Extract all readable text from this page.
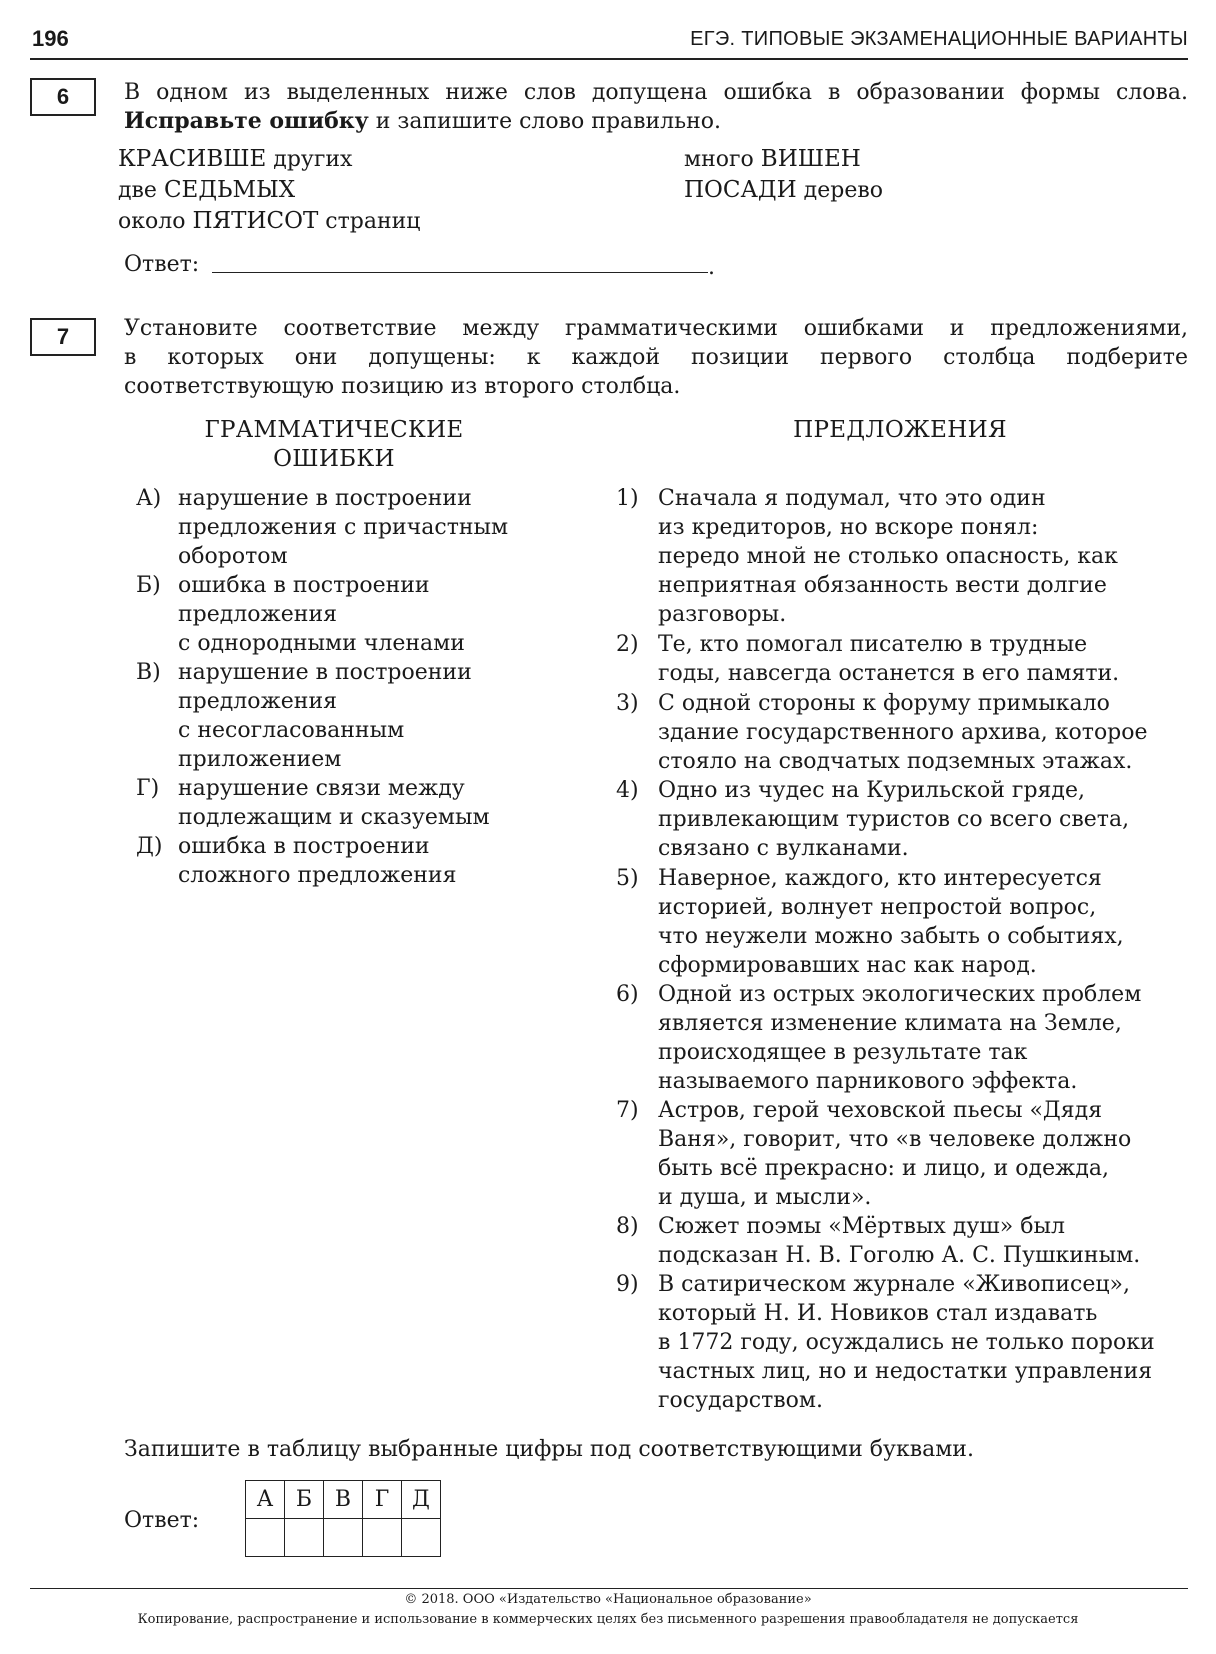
196	ЕГЭ. ТИПОВЫЕ ЭКЗАМЕНАЦИОННЫЕ ВАРИАНТЫ
6	В одном из выделенных ниже слов допущена ошибка в образовании формы слова.
Исправьте ошибку и запишите слово правильно.
КРАСИВШЕ других
две СЕДЬМЫХ
около ПЯТИСОТ страниц
много ВИШЕН
ПОСАДИ дерево
Ответ:	.
7	Установите соответствие между грамматическими ошибками и предложениями,
в которых они допущены: к каждой позиции первого столбца подберите
соответствующую позицию из второго столбца.
ГРАММАТИЧЕСКИЕ
ОШИБКИ
ПРЕДЛОЖЕНИЯ
А) нарушение в построении
предложения с причастным
оборотом
Б) ошибка в построении
предложения
с однородными членами
В) нарушение в построении
предложения
с несогласованным
приложением
Г) нарушение связи между
подлежащим и сказуемым
Д) ошибка в построении
сложного предложения
1) Сначала я подумал, что это один
из кредиторов, но вскоре понял:
передо мной не столько опасность, как
неприятная обязанность вести долгие
разговоры.
2) Те, кто помогал писателю в трудные
годы, навсегда останется в его памяти.
3) С одной стороны к форуму примыкало
здание государственного архива, которое
стояло на сводчатых подземных этажах.
4) Одно из чудес на Курильской гряде,
привлекающим туристов со всего света,
связано с вулканами.
5) Наверное, каждого, кто интересуется
историей, волнует непростой вопрос,
что неужели можно забыть о событиях,
сформировавших нас как народ.
6) Одной из острых экологических проблем
является изменение климата на Земле,
происходящее в результате так
называемого парникового эффекта.
7) Астров, герой чеховской пьесы «Дядя
Ваня», говорит, что «в человеке должно
быть всё прекрасно: и лицо, и одежда,
и душа, и мысли».
8) Сюжет поэмы «Мёртвых душ» был
подсказан Н. В. Гоголю А. С. Пушкиным.
9) В сатирическом журнале «Живописец»,
который Н. И. Новиков стал издавать
в 1772 году, осуждались не только пороки
частных лиц, но и недостатки управления
государством.
Запишите в таблицу выбранные цифры под соответствующими буквами.
Ответ:
А	Б	В	Г	Д

© 2018. ООО «Издательство «Национальное образование»
Копирование, распространение и использование в коммерческих целях без письменного разрешения правообладателя не допускается
